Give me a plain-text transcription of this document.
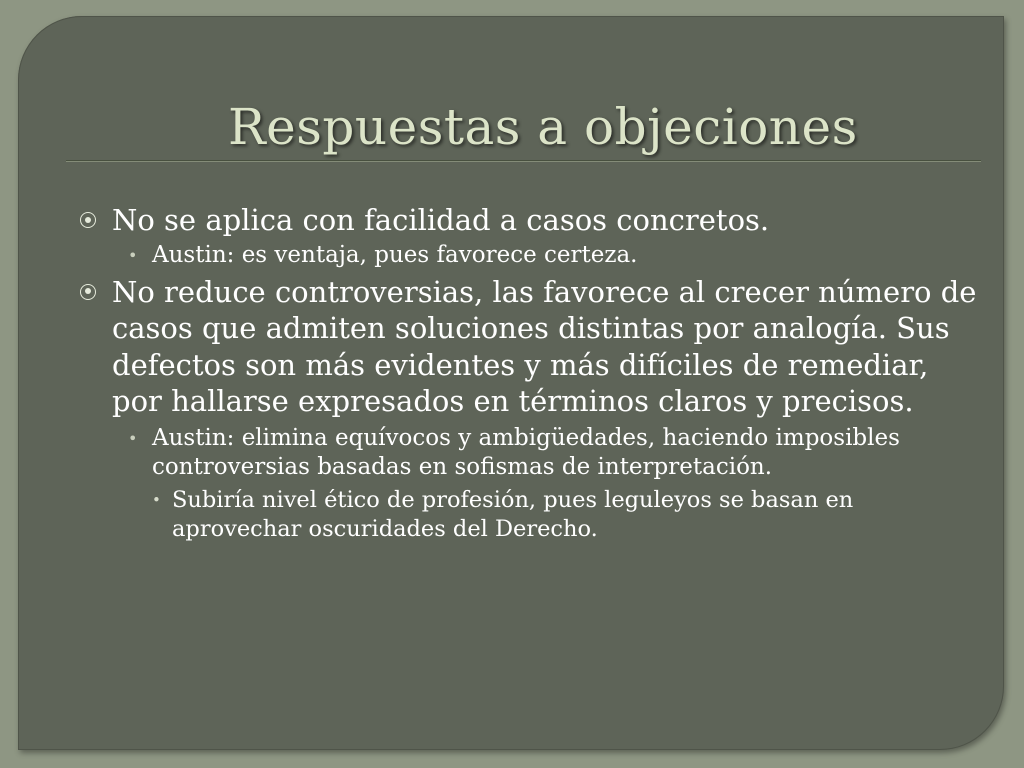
Respuestas a objeciones

No se aplica con facilidad a casos concretos.

• Austin: es ventaja, pues favorece certeza.

No reduce controversias, las favorece al crecer número de casos que admiten soluciones distintas por analogía. Sus defectos son más evidentes y más difíciles de remediar, por hallarse expresados en términos claros y precisos.

• Austin: elimina equívocos y ambigüedades, haciendo imposibles controversias basadas en sofismas de interpretación.

• Subiría nivel ético de profesión, pues leguleyos se basan en aprovechar oscuridades del Derecho.
